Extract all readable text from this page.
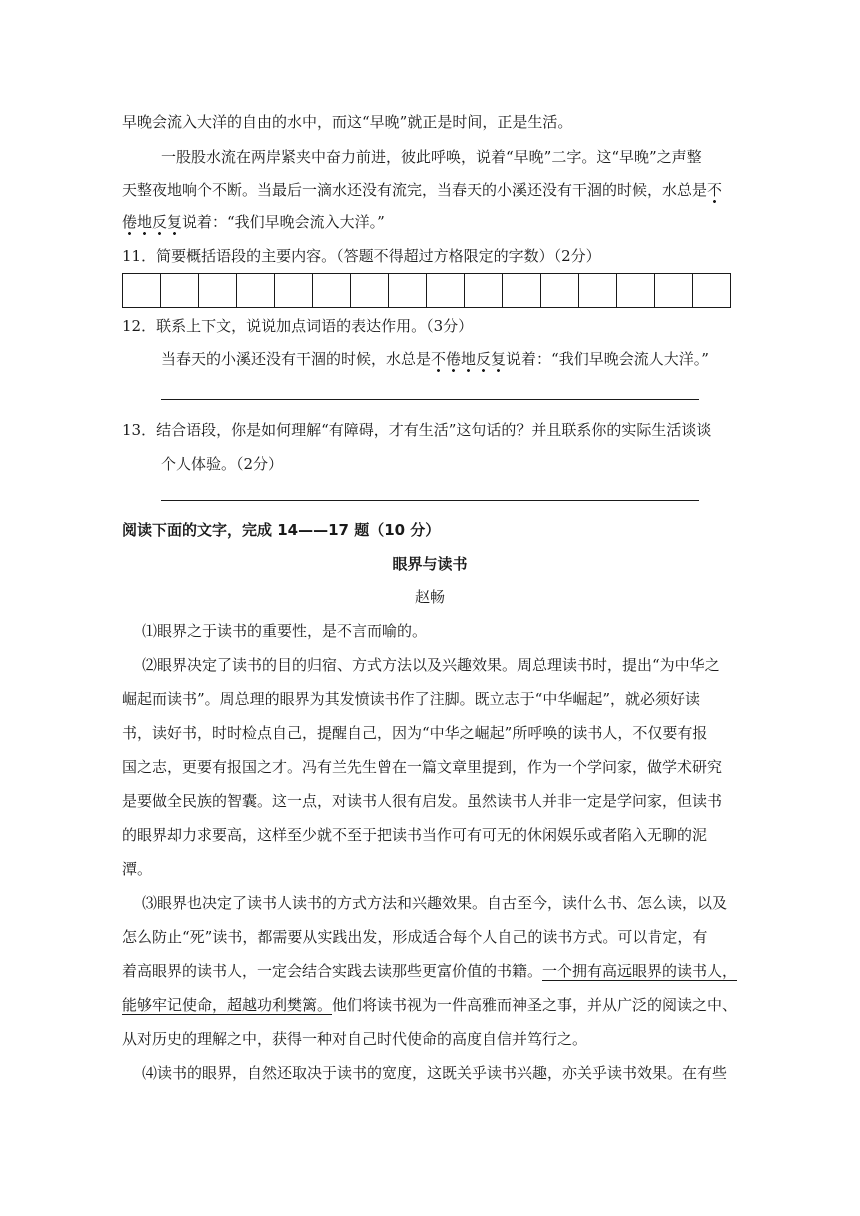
早晚会流入大洋的自由的水中，而这“早晚”就正是时间，正是生活。
一股股水流在两岸紧夹中奋力前进，彼此呼唤，说着“早晚”二字。这“早晚”之声整
天整夜地响个不断。当最后一滴水还没有流完，当春天的小溪还没有干涸的时候，水总是不
倦地反复说着：“我们早晚会流入大洋。”
11．简要概括语段的主要内容。（答题不得超过方格限定的字数）（2分）
12．联系上下文，说说加点词语的表达作用。（3分）
当春天的小溪还没有干涸的时候，水总是不倦地反复说着：“我们早晚会流人大洋。”
13．结合语段，你是如何理解“有障碍，才有生活”这句话的？并且联系你的实际生活谈谈
个人体验。（2分）
阅读下面的文字，完成 14——17 题（10 分）
眼界与读书
赵畅
⑴眼界之于读书的重要性，是不言而喻的。
⑵眼界决定了读书的目的归宿、方式方法以及兴趣效果。周总理读书时，提出“为中华之
崛起而读书”。周总理的眼界为其发愤读书作了注脚。既立志于“中华崛起”，就必须好读
书，读好书，时时检点自己，提醒自己，因为“中华之崛起”所呼唤的读书人，不仅要有报
国之志，更要有报国之才。冯有兰先生曾在一篇文章里提到，作为一个学问家，做学术研究
是要做全民族的智囊。这一点，对读书人很有启发。虽然读书人并非一定是学问家，但读书
的眼界却力求要高，这样至少就不至于把读书当作可有可无的休闲娱乐或者陷入无聊的泥
潭。
⑶眼界也决定了读书人读书的方式方法和兴趣效果。自古至今，读什么书、怎么读，以及
怎么防止“死”读书，都需要从实践出发，形成适合每个人自己的读书方式。可以肯定，有
着高眼界的读书人，一定会结合实践去读那些更富价值的书籍。一个拥有高远眼界的读书人，
能够牢记使命，超越功利樊篱。他们将读书视为一件高雅而神圣之事，并从广泛的阅读之中、
从对历史的理解之中，获得一种对自己时代使命的高度自信并笃行之。
⑷读书的眼界，自然还取决于读书的宽度，这既关乎读书兴趣，亦关乎读书效果。在有些
